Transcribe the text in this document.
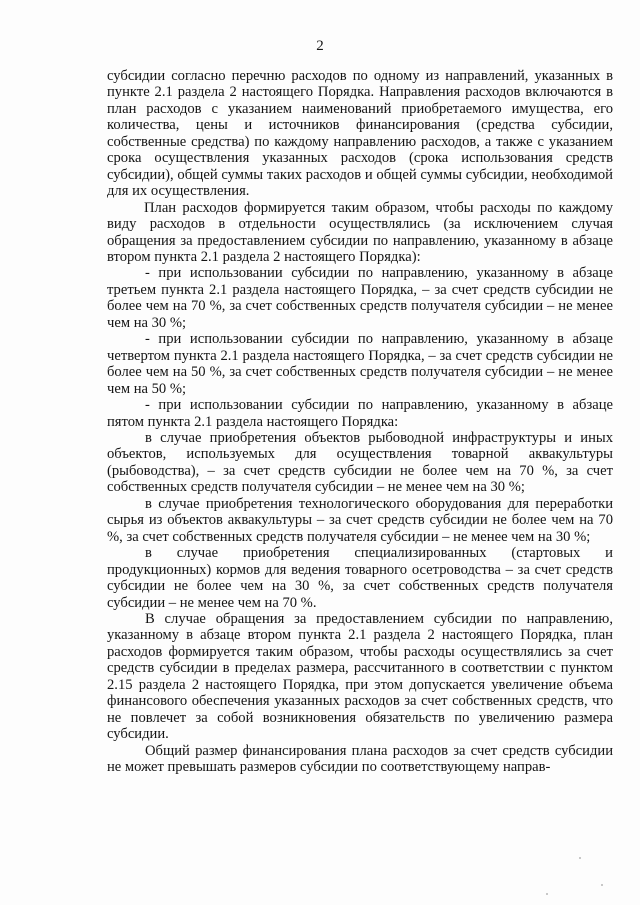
2

субсидии согласно перечню расходов по одному из направлений, указанных в пункте 2.1 раздела 2 настоящего Порядка. Направления расходов включаются в план расходов с указанием наименований приобретаемого имущества, его количества, цены и источников финансирования (средства субсидии, собственные средства) по каждому направлению расходов, а также с указанием срока осуществления указанных расходов (срока использования средств субсидии), общей суммы таких расходов и общей суммы субсидии, необходимой для их осуществления.

План расходов формируется таким образом, чтобы расходы по каждому виду расходов в отдельности осуществлялись (за исключением случая обращения за предоставлением субсидии по направлению, указанному в абзаце втором пункта 2.1 раздела 2 настоящего Порядка):

- при использовании субсидии по направлению, указанному в абзаце третьем пункта 2.1 раздела настоящего Порядка, – за счет средств субсидии не более чем на 70 %, за счет собственных средств получателя субсидии – не менее чем на 30 %;

- при использовании субсидии по направлению, указанному в абзаце четвертом пункта 2.1 раздела настоящего Порядка, – за счет средств субсидии не более чем на 50 %, за счет собственных средств получателя субсидии – не менее чем на 50 %;

- при использовании субсидии по направлению, указанному в абзаце пятом пункта 2.1 раздела настоящего Порядка:

в случае приобретения объектов рыбоводной инфраструктуры и иных объектов, используемых для осуществления товарной аквакультуры (рыбоводства), – за счет средств субсидии не более чем на 70 %, за счет собственных средств получателя субсидии – не менее чем на 30 %;

в случае приобретения технологического оборудования для переработки сырья из объектов аквакультуры – за счет средств субсидии не более чем на 70 %, за счет собственных средств получателя субсидии – не менее чем на 30 %;

в случае приобретения специализированных (стартовых и продукционных) кормов для ведения товарного осетроводства – за счет средств субсидии не более чем на 30 %, за счет собственных средств получателя субсидии – не менее чем на 70 %.

В случае обращения за предоставлением субсидии по направлению, указанному в абзаце втором пункта 2.1 раздела 2 настоящего Порядка, план расходов формируется таким образом, чтобы расходы осуществлялись за счет средств субсидии в пределах размера, рассчитанного в соответствии с пунктом 2.15 раздела 2 настоящего Порядка, при этом допускается увеличение объема финансового обеспечения указанных расходов за счет собственных средств, что не повлечет за собой возникновения обязательств по увеличению размера субсидии.

Общий размер финансирования плана расходов за счет средств субсидии не может превышать размеров субсидии по соответствующему направ-
